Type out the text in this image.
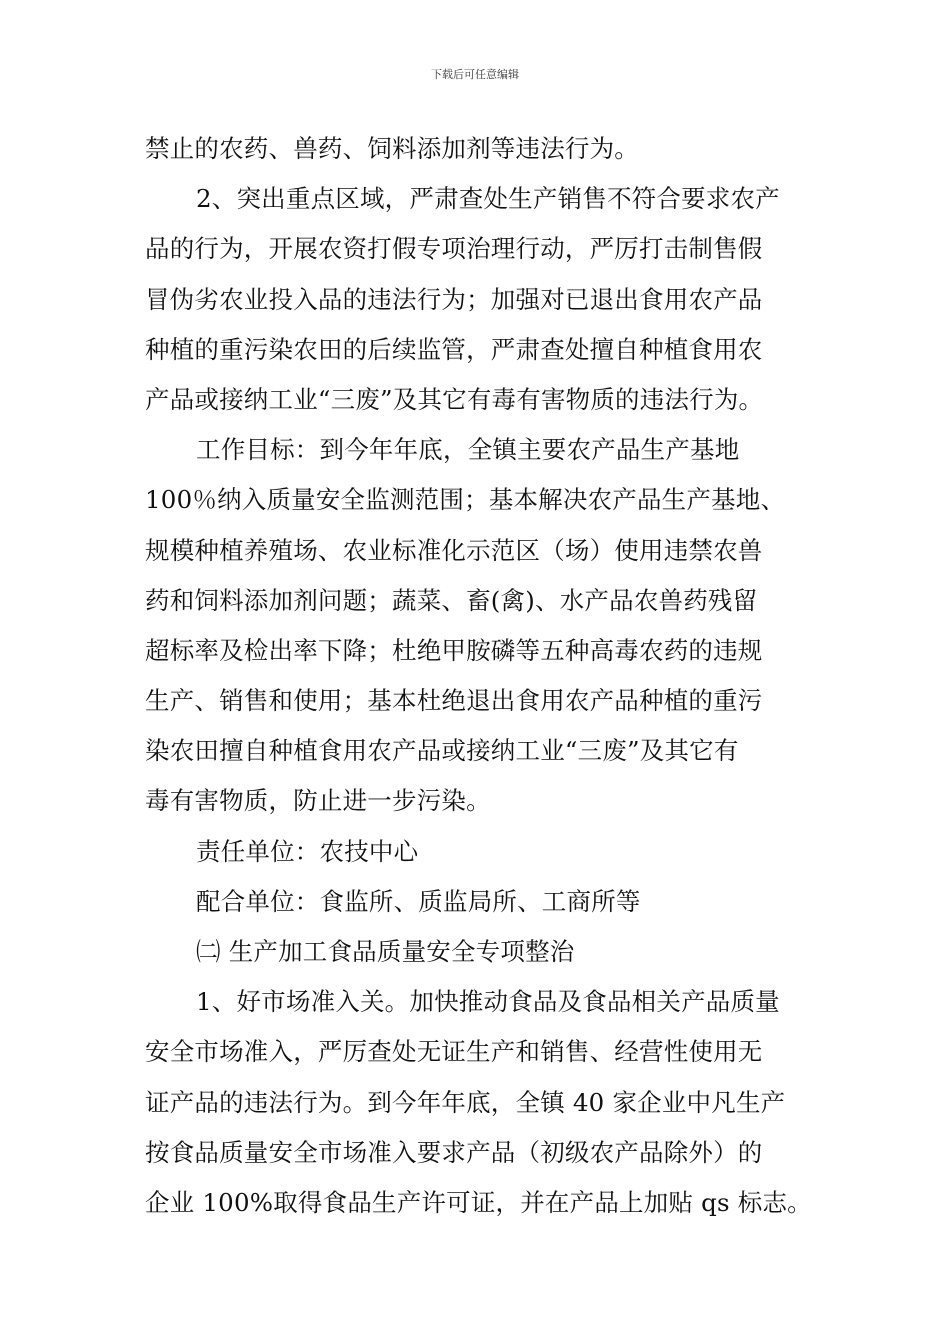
下载后可任意编辑
禁止的农药、兽药、饲料添加剂等违法行为。
2、突出重点区域，严肃查处生产销售不符合要求农产
品的行为，开展农资打假专项治理行动，严厉打击制售假
冒伪劣农业投入品的违法行为；加强对已退出食用农产品
种植的重污染农田的后续监管，严肃查处擅自种植食用农
产品或接纳工业“三废”及其它有毒有害物质的违法行为。
工作目标：到今年年底，全镇主要农产品生产基地
100％纳入质量安全监测范围；基本解决农产品生产基地、
规模种植养殖场、农业标准化示范区（场）使用违禁农兽
药和饲料添加剂问题；蔬菜、畜(禽)、水产品农兽药残留
超标率及检出率下降；杜绝甲胺磷等五种高毒农药的违规
生产、销售和使用；基本杜绝退出食用农产品种植的重污
染农田擅自种植食用农产品或接纳工业“三废”及其它有
毒有害物质，防止进一步污染。
责任单位：农技中心
配合单位：食监所、质监局所、工商所等
㈡ 生产加工食品质量安全专项整治
1、好市场准入关。加快推动食品及食品相关产品质量
安全市场准入，严厉查处无证生产和销售、经营性使用无
证产品的违法行为。到今年年底，全镇 40 家企业中凡生产
按食品质量安全市场准入要求产品（初级农产品除外）的
企业 100%取得食品生产许可证，并在产品上加贴 qs 标志。
